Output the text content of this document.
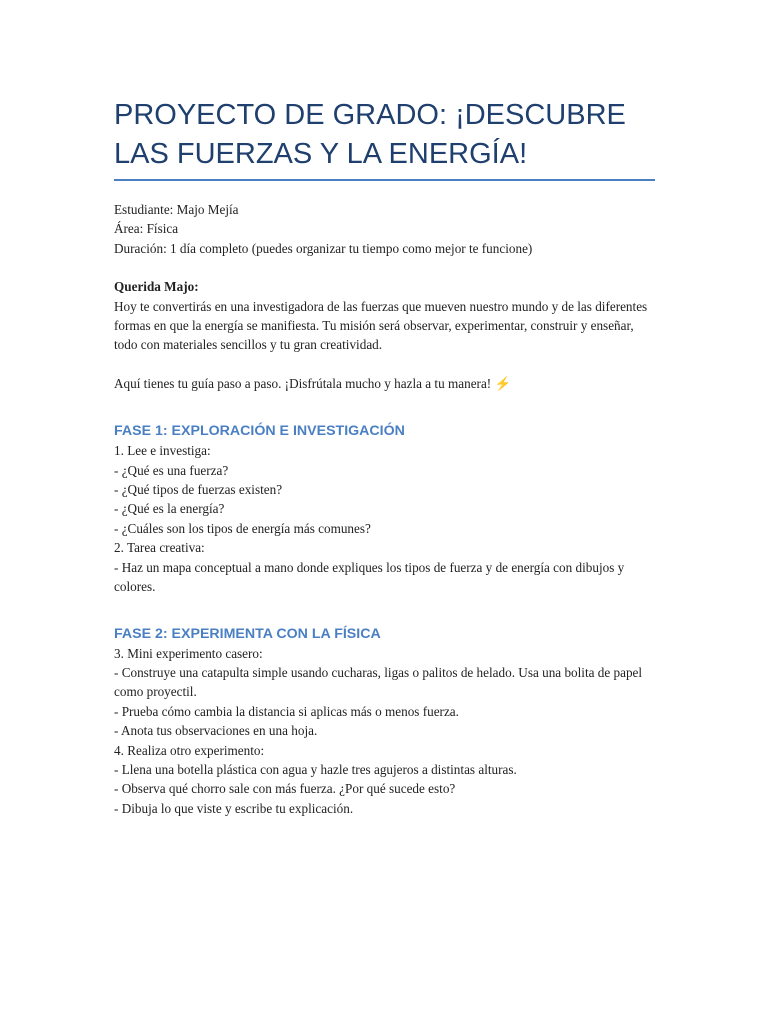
PROYECTO DE GRADO: ¡DESCUBRE LAS FUERZAS Y LA ENERGÍA!

Estudiante: Majo Mejía

Área: Física

Duración: 1 día completo (puedes organizar tu tiempo como mejor te funcione)

Querida Majo:

Hoy te convertirás en una investigadora de las fuerzas que mueven nuestro mundo y de las diferentes formas en que la energía se manifiesta. Tu misión será observar, experimentar, construir y enseñar, todo con materiales sencillos y tu gran creatividad.

Aquí tienes tu guía paso a paso. ¡Disfrútala mucho y hazla a tu manera! ⚡

FASE 1: EXPLORACIÓN E INVESTIGACIÓN

1. Lee e investiga:

- ¿Qué es una fuerza?

- ¿Qué tipos de fuerzas existen?

- ¿Qué es la energía?

- ¿Cuáles son los tipos de energía más comunes?

2. Tarea creativa:

- Haz un mapa conceptual a mano donde expliques los tipos de fuerza y de energía con dibujos y colores.

FASE 2: EXPERIMENTA CON LA FÍSICA

3. Mini experimento casero:

- Construye una catapulta simple usando cucharas, ligas o palitos de helado. Usa una bolita de papel como proyectil.

- Prueba cómo cambia la distancia si aplicas más o menos fuerza.

- Anota tus observaciones en una hoja.

4. Realiza otro experimento:

- Llena una botella plástica con agua y hazle tres agujeros a distintas alturas.

- Observa qué chorro sale con más fuerza. ¿Por qué sucede esto?

- Dibuja lo que viste y escribe tu explicación.
